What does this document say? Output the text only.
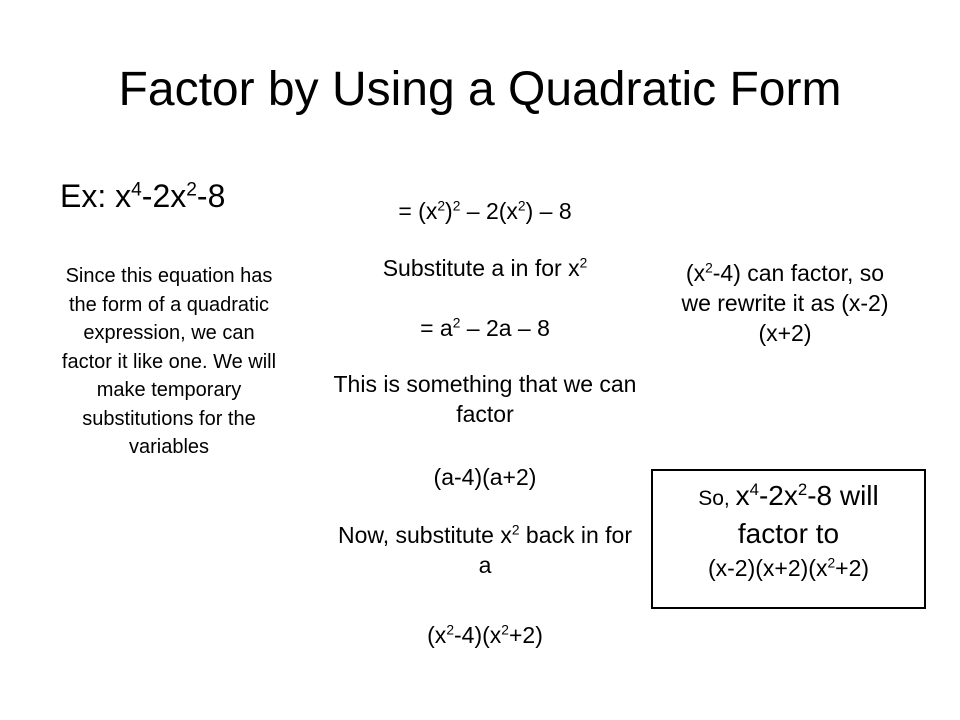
Factor by Using a Quadratic Form
Ex: $x^4-2x^2-8$
Since this equation has the form of a quadratic expression, we can factor it like one. We will make temporary substitutions for the variables
= $(x^2)^2 - 2(x^2) - 8$
Substitute a in for $x^2$
= $a^2 - 2a - 8$
This is something that we can factor
(a-4)(a+2)
Now, substitute $x^2$ back in for a
$(x^2-4)(x^2+2)$
$(x^2-4)$ can factor, so we rewrite it as (x-2)(x+2)
So, $x^4-2x^2-8$ will
factor to
$(x-2)(x+2)(x^2+2)$
